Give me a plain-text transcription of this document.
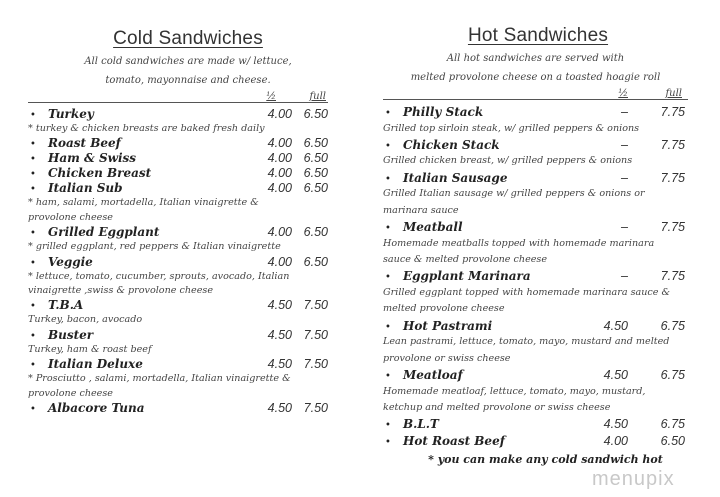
Cold Sandwiches
All cold sandwiches are made w/ lettuce,
tomato, mayonnaise and cheese.
½	full
• Turkey	4.00 6.50
* turkey & chicken breasts are baked fresh daily
• Roast Beef	4.00 6.50
• Ham & Swiss	4.00 6.50
• Chicken Breast	4.00 6.50
• Italian Sub	4.00 6.50
* ham, salami, mortadella, Italian vinaigrette &
provolone cheese
• Grilled Eggplant	4.00 6.50
* grilled eggplant, red peppers & Italian vinaigrette
• Veggie	4.00 6.50
* lettuce, tomato, cucumber, sprouts, avocado, Italian
vinaigrette ,swiss & provolone cheese
• T.B.A	4.50 7.50
Turkey, bacon, avocado
• Buster	4.50 7.50
Turkey, ham & roast beef
• Italian Deluxe	4.50 7.50
* Prosciutto , salami, mortadella, Italian vinaigrette &
provolone cheese
• Albacore Tuna	4.50 7.50
Hot Sandwiches
All hot sandwiches are served with
melted provolone cheese on a toasted hoagie roll
½	full
• Philly Stack	–	7.75
Grilled top sirloin steak, w/ grilled peppers & onions
• Chicken Stack	–	7.75
Grilled chicken breast, w/ grilled peppers & onions
• Italian Sausage	–	7.75
Grilled Italian sausage w/ grilled peppers & onions or
marinara sauce
• Meatball	–	7.75
Homemade meatballs topped with homemade marinara
sauce & melted provolone cheese
• Eggplant Marinara	–	7.75
Grilled eggplant topped with homemade marinara sauce &
melted provolone cheese
• Hot Pastrami	4.50	6.75
Lean pastrami, lettuce, tomato, mayo, mustard and melted
provolone or swiss cheese
• Meatloaf	4.50	6.75
Homemade meatloaf, lettuce, tomato, mayo, mustard,
ketchup and melted provolone or swiss cheese
• B.L.T	4.50	6.75
• Hot Roast Beef	4.00	6.50
* you can make any cold sandwich hot
menupix
